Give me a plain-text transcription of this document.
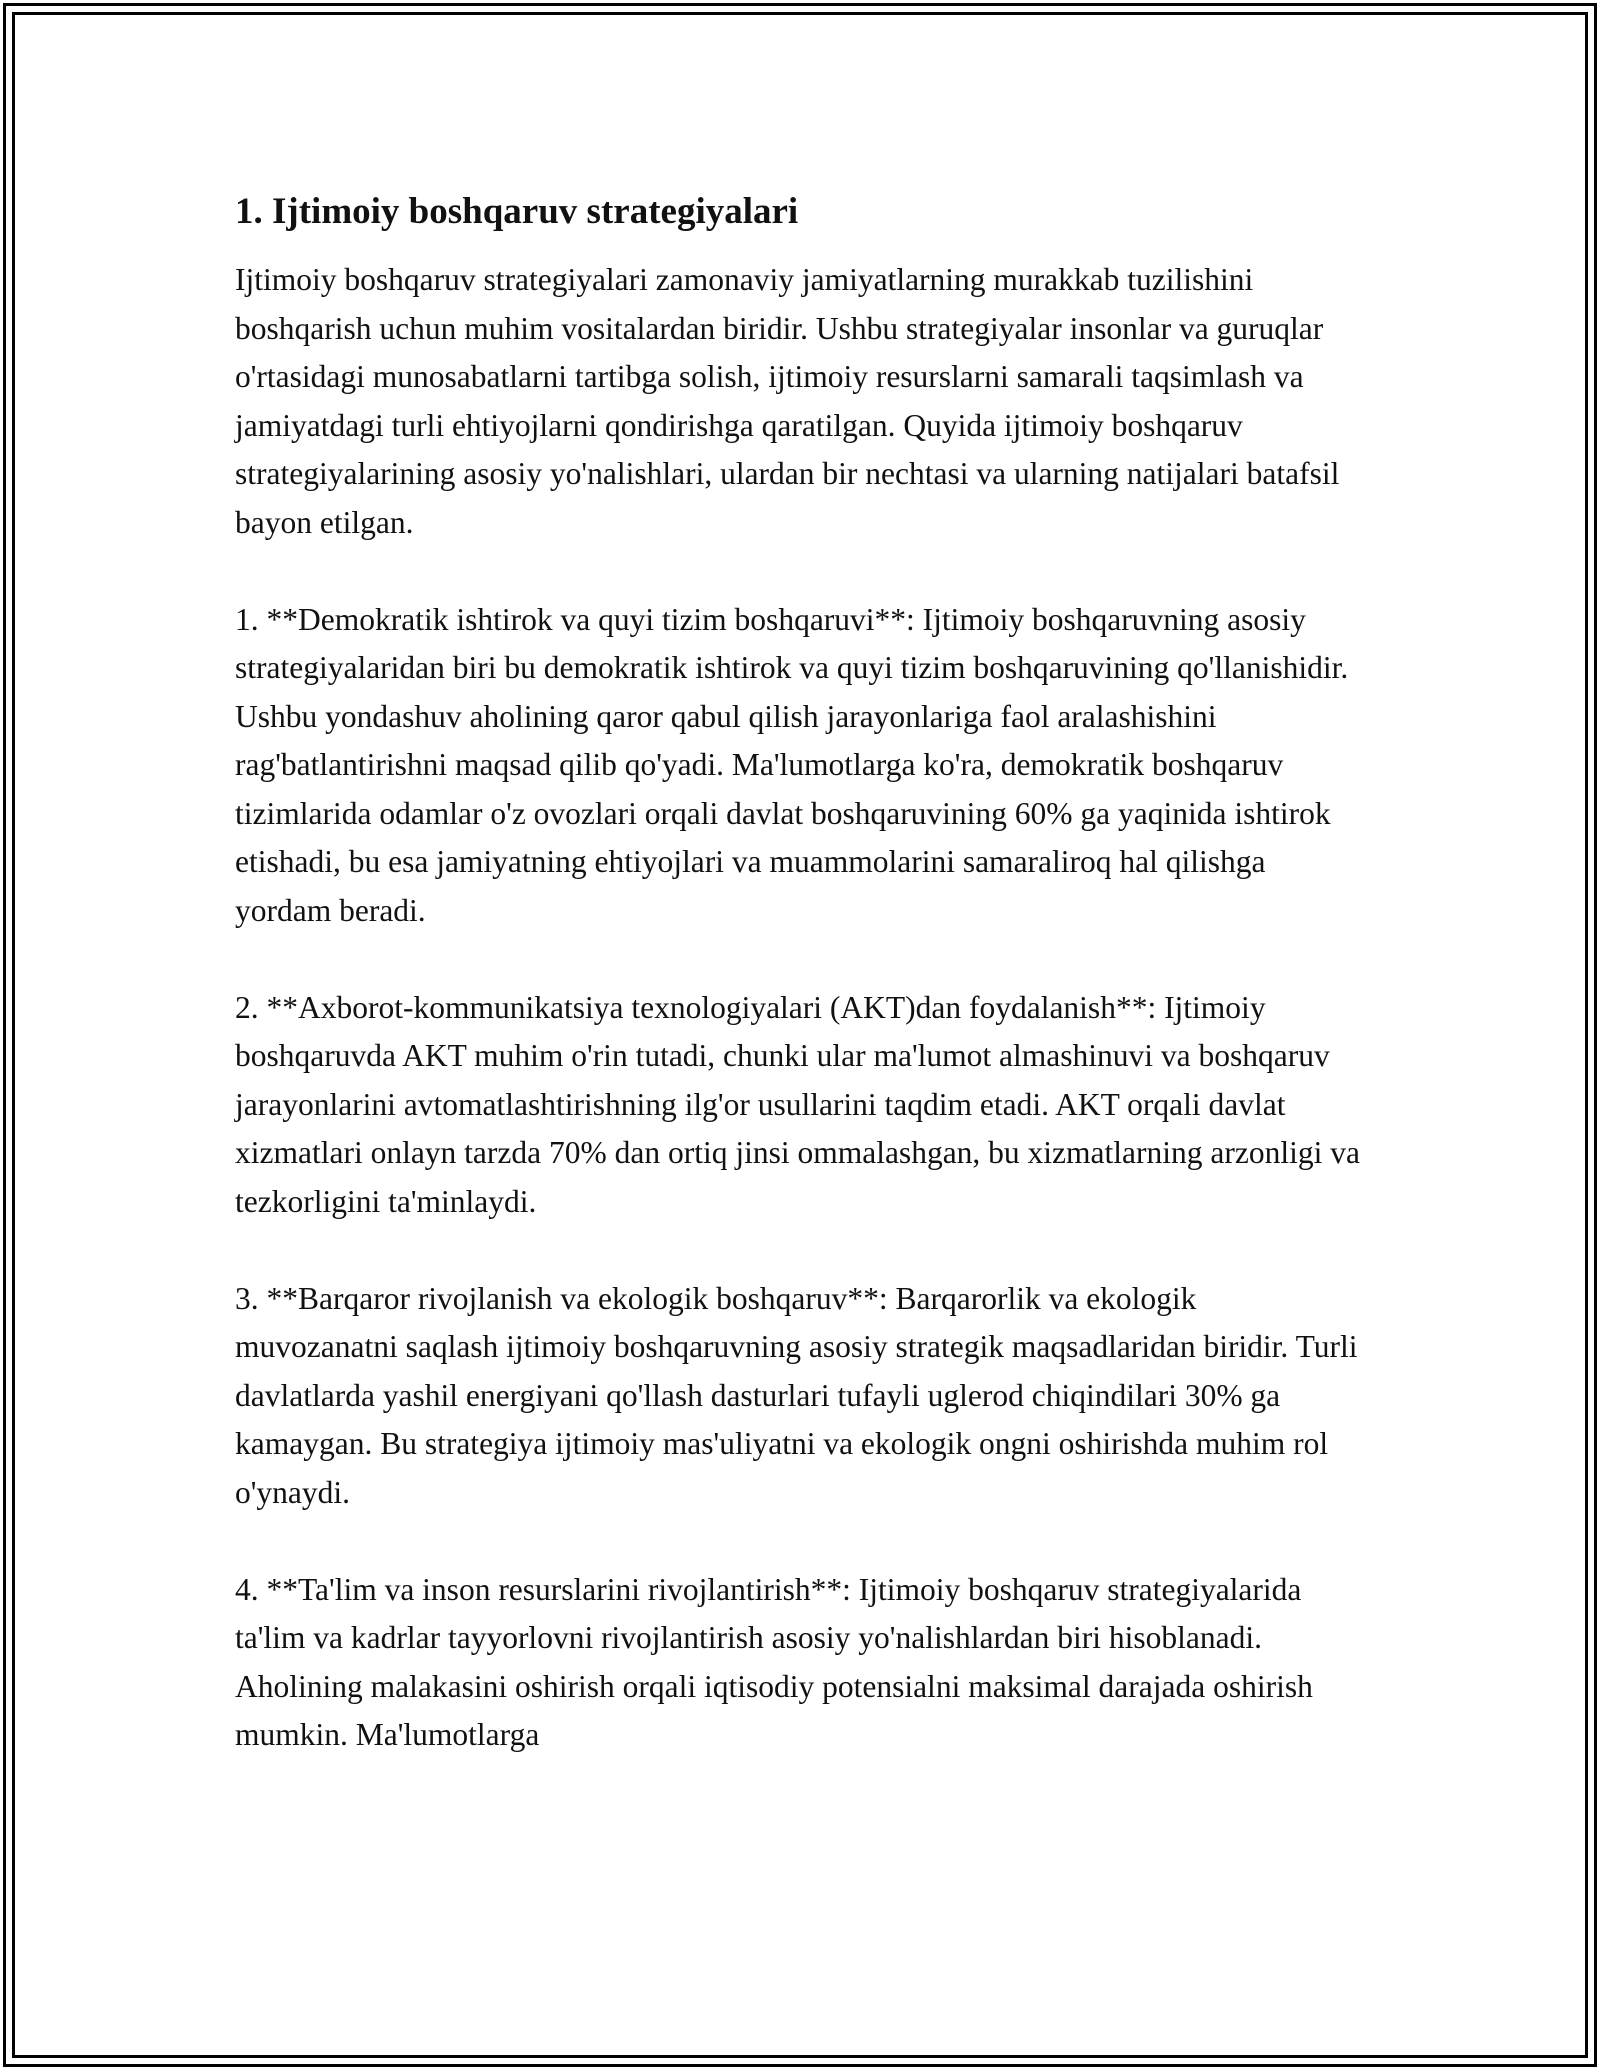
1. Ijtimoiy boshqaruv strategiyalari

Ijtimoiy boshqaruv strategiyalari zamonaviy jamiyatlarning murakkab tuzilishini boshqarish uchun muhim vositalardan biridir. Ushbu strategiyalar insonlar va guruqlar o'rtasidagi munosabatlarni tartibga solish, ijtimoiy resurslarni samarali taqsimlash va jamiyatdagi turli ehtiyojlarni qondirishga qaratilgan. Quyida ijtimoiy boshqaruv strategiyalarining asosiy yo'nalishlari, ulardan bir nechtasi va ularning natijalari batafsil bayon etilgan.

1. **Demokratik ishtirok va quyi tizim boshqaruvi**: Ijtimoiy boshqaruvning asosiy strategiyalaridan biri bu demokratik ishtirok va quyi tizim boshqaruvining qo'llanishidir. Ushbu yondashuv aholining qaror qabul qilish jarayonlariga faol aralashishini rag'batlantirishni maqsad qilib qo'yadi. Ma'lumotlarga ko'ra, demokratik boshqaruv tizimlarida odamlar o'z ovozlari orqali davlat boshqaruvining 60% ga yaqinida ishtirok etishadi, bu esa jamiyatning ehtiyojlari va muammolarini samaraliroq hal qilishga yordam beradi.

2. **Axborot-kommunikatsiya texnologiyalari (AKT)dan foydalanish**: Ijtimoiy boshqaruvda AKT muhim o'rin tutadi, chunki ular ma'lumot almashinuvi va boshqaruv jarayonlarini avtomatlashtirishning ilg'or usullarini taqdim etadi. AKT orqali davlat xizmatlari onlayn tarzda 70% dan ortiq jinsi ommalashgan, bu xizmatlarning arzonligi va tezkorligini ta'minlaydi.

3. **Barqaror rivojlanish va ekologik boshqaruv**: Barqarorlik va ekologik muvozanatni saqlash ijtimoiy boshqaruvning asosiy strategik maqsadlaridan biridir. Turli davlatlarda yashil energiyani qo'llash dasturlari tufayli uglerod chiqindilari 30% ga kamaygan. Bu strategiya ijtimoiy mas'uliyatni va ekologik ongni oshirishda muhim rol o'ynaydi.

4. **Ta'lim va inson resurslarini rivojlantirish**: Ijtimoiy boshqaruv strategiyalarida ta'lim va kadrlar tayyorlovni rivojlantirish asosiy yo'nalishlardan biri hisoblanadi. Aholining malakasini oshirish orqali iqtisodiy potensialni maksimal darajada oshirish mumkin. Ma'lumotlarga
